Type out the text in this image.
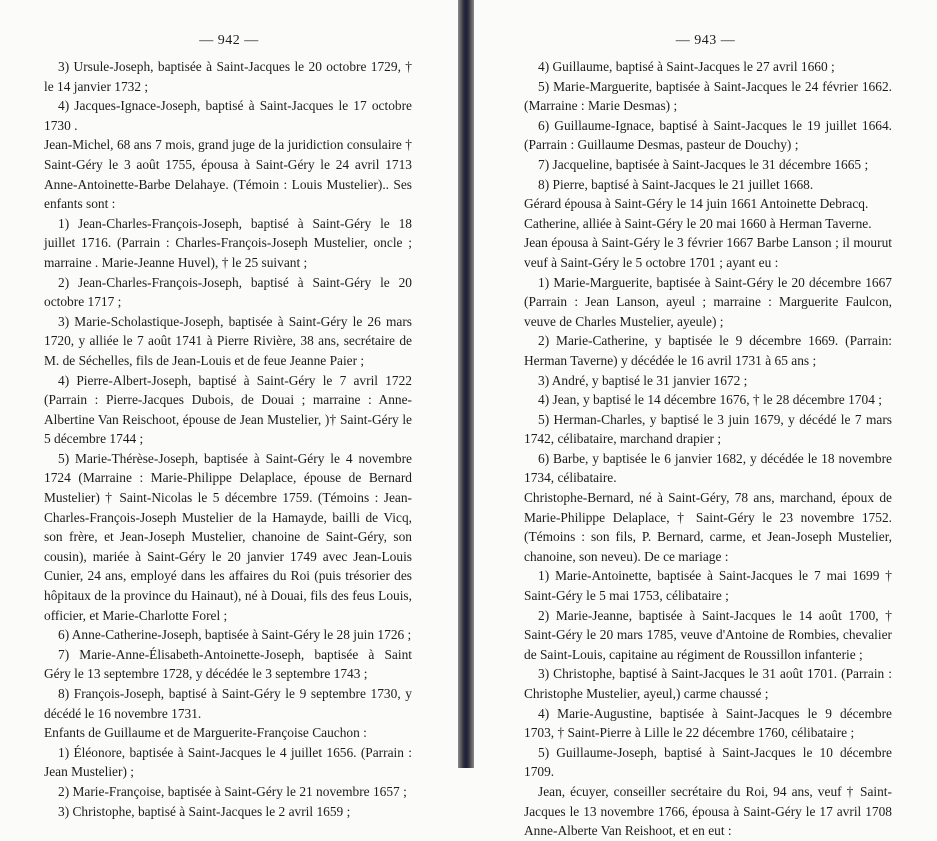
— 942 —

3) Ursule-Joseph, baptisée à Saint-Jacques le 20 octobre 1729, † le 14 janvier 1732 ;

4) Jacques-Ignace-Joseph, baptisé à Saint-Jacques le 17 octobre 1730 .

Jean-Michel, 68 ans 7 mois, grand juge de la juridiction consulaire † Saint-Géry le 3 août 1755, épousa à Saint-Géry le 24 avril 1713 Anne-Antoinette-Barbe Delahaye. (Témoin : Louis Mustelier).. Ses enfants sont :

1) Jean-Charles-François-Joseph, baptisé à Saint-Géry le 18 juillet 1716. (Parrain : Charles-François-Joseph Mustelier, oncle ; marraine . Marie-Jeanne Huvel), † le 25 suivant ;

2) Jean-Charles-François-Joseph, baptisé à Saint-Géry le 20 octobre 1717 ;

3) Marie-Scholastique-Joseph, baptisée à Saint-Géry le 26 mars 1720, y alliée le 7 août 1741 à Pierre Rivière, 38 ans, secrétaire de M. de Séchelles, fils de Jean-Louis et de feue Jeanne Paier ;

4) Pierre-Albert-Joseph, baptisé à Saint-Géry le 7 avril 1722 (Parrain : Pierre-Jacques Dubois, de Douai ; marraine : Anne-Albertine Van Reischoot, épouse de Jean Mustelier, )† Saint-Géry le 5 décembre 1744 ;

5) Marie-Thérèse-Joseph, baptisée à Saint-Géry le 4 novembre 1724 (Marraine : Marie-Philippe Delaplace, épouse de Bernard Mustelier) † Saint-Nicolas le 5 décembre 1759. (Témoins : Jean-Charles-François-Joseph Mustelier de la Hamayde, bailli de Vicq, son frère, et Jean-Joseph Mustelier, chanoine de Saint-Géry, son cousin), mariée à Saint-Géry le 20 janvier 1749 avec Jean-Louis Cunier, 24 ans, employé dans les affaires du Roi (puis trésorier des hôpitaux de la province du Hainaut), né à Douai, fils des feus Louis, officier, et Marie-Charlotte Forel ;

6) Anne-Catherine-Joseph, baptisée à Saint-Géry le 28 juin 1726 ;

7) Marie-Anne-Élisabeth-Antoinette-Joseph, baptisée à Saint Géry le 13 septembre 1728, y décédée le 3 septembre 1743 ;

8) François-Joseph, baptisé à Saint-Géry le 9 septembre 1730, y décédé le 16 novembre 1731.

Enfants de Guillaume et de Marguerite-Françoise Cauchon :

1) Éléonore, baptisée à Saint-Jacques le 4 juillet 1656. (Parrain : Jean Mustelier) ;

2) Marie-Françoise, baptisée à Saint-Géry le 21 novembre 1657 ;

3) Christophe, baptisé à Saint-Jacques le 2 avril 1659 ;

— 943 —

4) Guillaume, baptisé à Saint-Jacques le 27 avril 1660 ;

5) Marie-Marguerite, baptisée à Saint-Jacques le 24 février 1662. (Marraine : Marie Desmas) ;

6) Guillaume-Ignace, baptisé à Saint-Jacques le 19 juillet 1664. (Parrain : Guillaume Desmas, pasteur de Douchy) ;

7) Jacqueline, baptisée à Saint-Jacques le 31 décembre 1665 ;

8) Pierre, baptisé à Saint-Jacques le 21 juillet 1668.

Gérard épousa à Saint-Géry le 14 juin 1661 Antoinette Debracq.

Catherine, alliée à Saint-Géry le 20 mai 1660 à Herman Taverne.

Jean épousa à Saint-Géry le 3 février 1667 Barbe Lanson ; il mourut veuf à Saint-Géry le 5 octobre 1701 ; ayant eu :

1) Marie-Marguerite, baptisée à Saint-Géry le 20 décembre 1667 (Parrain : Jean Lanson, ayeul ; marraine : Marguerite Faulcon, veuve de Charles Mustelier, ayeule) ;

2) Marie-Catherine, y baptisée le 9 décembre 1669. (Parrain: Herman Taverne) y décédée le 16 avril 1731 à 65 ans ;

3) André, y baptisé le 31 janvier 1672 ;

4) Jean, y baptisé le 14 décembre 1676, † le 28 décembre 1704 ;

5) Herman-Charles, y baptisé le 3 juin 1679, y décédé le 7 mars 1742, célibataire, marchand drapier ;

6) Barbe, y baptisée le 6 janvier 1682, y décédée le 18 novembre 1734, célibataire.

Christophe-Bernard, né à Saint-Géry, 78 ans, marchand, époux de Marie-Philippe Delaplace, † Saint-Géry le 23 novembre 1752. (Témoins : son fils, P. Bernard, carme, et Jean-Joseph Mustelier, chanoine, son neveu). De ce mariage :

1) Marie-Antoinette, baptisée à Saint-Jacques le 7 mai 1699 † Saint-Géry le 5 mai 1753, célibataire ;

2) Marie-Jeanne, baptisée à Saint-Jacques le 14 août 1700, † Saint-Géry le 20 mars 1785, veuve d'Antoine de Rombies, chevalier de Saint-Louis, capitaine au régiment de Roussillon infanterie ;

3) Christophe, baptisé à Saint-Jacques le 31 août 1701. (Parrain : Christophe Mustelier, ayeul,) carme chaussé ;

4) Marie-Augustine, baptisée à Saint-Jacques le 9 décembre 1703, † Saint-Pierre à Lille le 22 décembre 1760, célibataire ;

5) Guillaume-Joseph, baptisé à Saint-Jacques le 10 décembre 1709.

Jean, écuyer, conseiller secrétaire du Roi, 94 ans, veuf † Saint-Jacques le 13 novembre 1766, épousa à Saint-Géry le 17 avril 1708 Anne-Alberte Van Reishoot, et en eut :
